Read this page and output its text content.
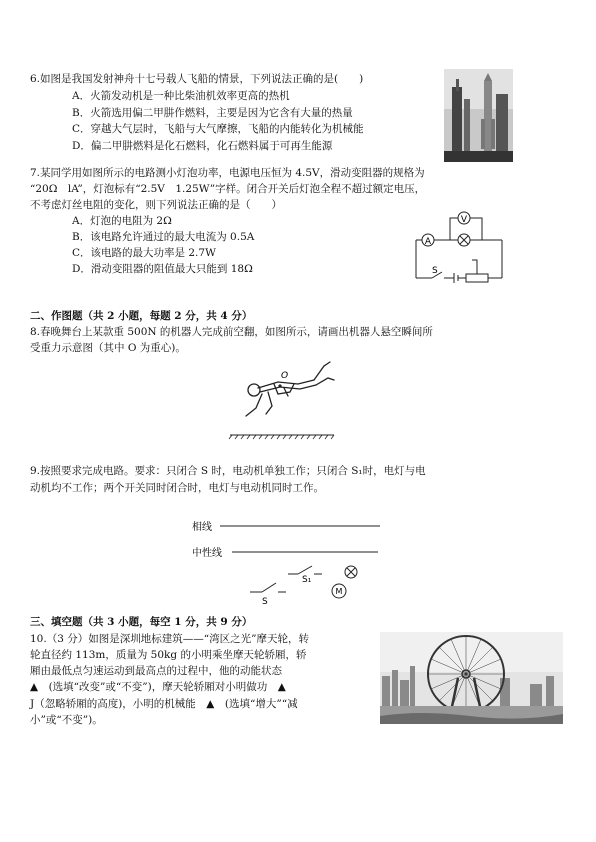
6.如图是我国发射神舟十七号载人飞船的情景，下列说法正确的是(　　)
A．火箭发动机是一种比柴油机效率更高的热机
B．火箭选用偏二甲肼作燃料，主要是因为它含有大量的热量
C．穿越大气层时，飞船与大气摩擦，飞船的内能转化为机械能
D．偏二甲肼燃料是化石燃料，化石燃料属于可再生能源
7.某同学用如图所示的电路测小灯泡功率，电源电压恒为 4.5V，滑动变阻器的规格为
“20Ω　lA”，灯泡标有“2.5V　1.25W”字样。闭合开关后灯泡全程不超过额定电压，
不考虑灯丝电阻的变化，则下列说法正确的是（　　）
A．灯泡的电阻为 2Ω
B．该电路允许通过的最大电流为 0.5A
C．该电路的最大功率是 2.7W
D．滑动变阻器的阻值最大只能到 18Ω
A
V
S
二、作图题（共 2 小题，每题 2 分，共 4 分）
8.春晚舞台上某款重 500N 的机器人完成前空翻，如图所示，请画出机器人悬空瞬间所
受重力示意图（其中 O 为重心)。
O
9.按照要求完成电路。要求：只闭合 S 时，电动机单独工作；只闭合 S₁时，电灯与电
动机均不工作；两个开关同时闭合时，电灯与电动机同时工作。
相线
中性线
S₁
S
M
三、填空题（共 3 小题，每空 1 分，共 9 分）
10.（3 分）如图是深圳地标建筑——“湾区之光”摩天轮，转
轮直径约 113m，质量为 50kg 的小明乘坐摩天轮轿厢，轿
厢由最低点匀速运动到最高点的过程中，他的动能状态
▲　(选填“改变”或“不变”)，摩天轮轿厢对小明做功　▲
J（忽略轿厢的高度)，小明的机械能　▲　(选填“增大”“减
小”或“不变”)。
